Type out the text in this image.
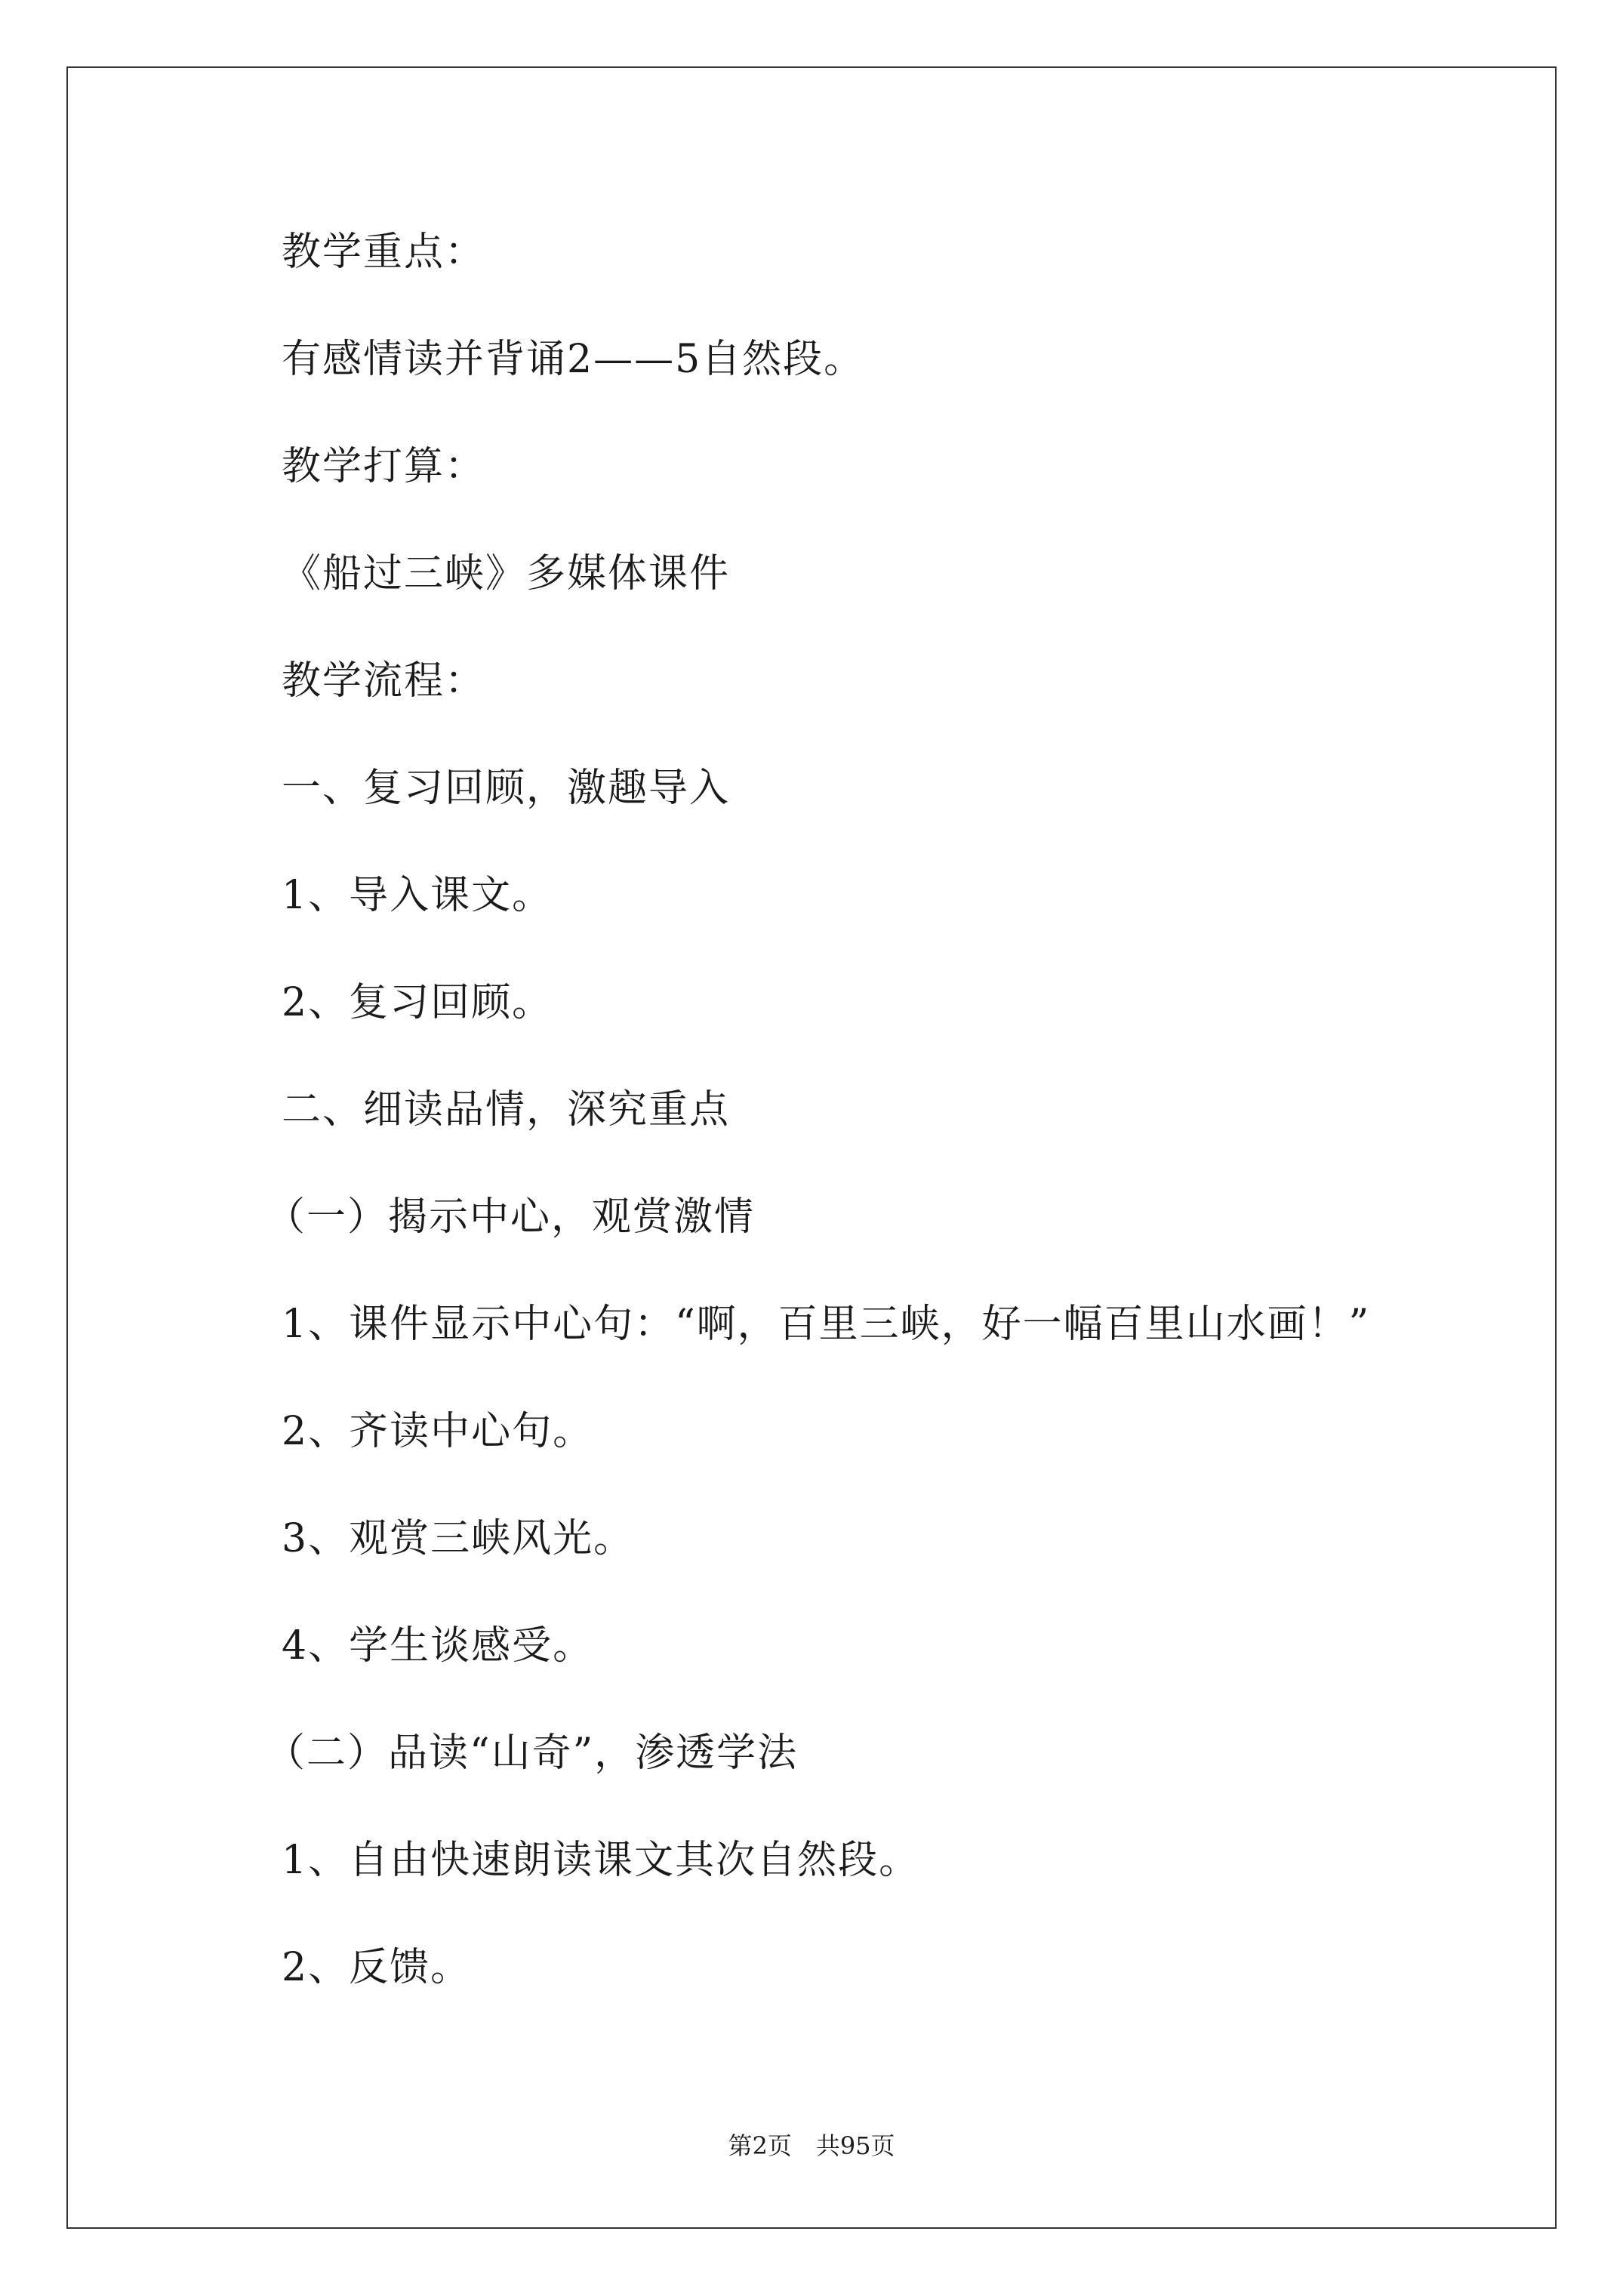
教学重点：
有感情读并背诵2——5自然段。
教学打算：
《船过三峡》多媒体课件
教学流程：
一、复习回顾，激趣导入
1、导入课文。
2、复习回顾。
二、细读品情，深究重点
（一）揭示中心，观赏激情
1、课件显示中心句：“啊，百里三峡，好一幅百里山水画！”
2、齐读中心句。
3、观赏三峡风光。
4、学生谈感受。
（二）品读“山奇”，渗透学法
1、自由快速朗读课文其次自然段。
2、反馈。
第2页　共95页
